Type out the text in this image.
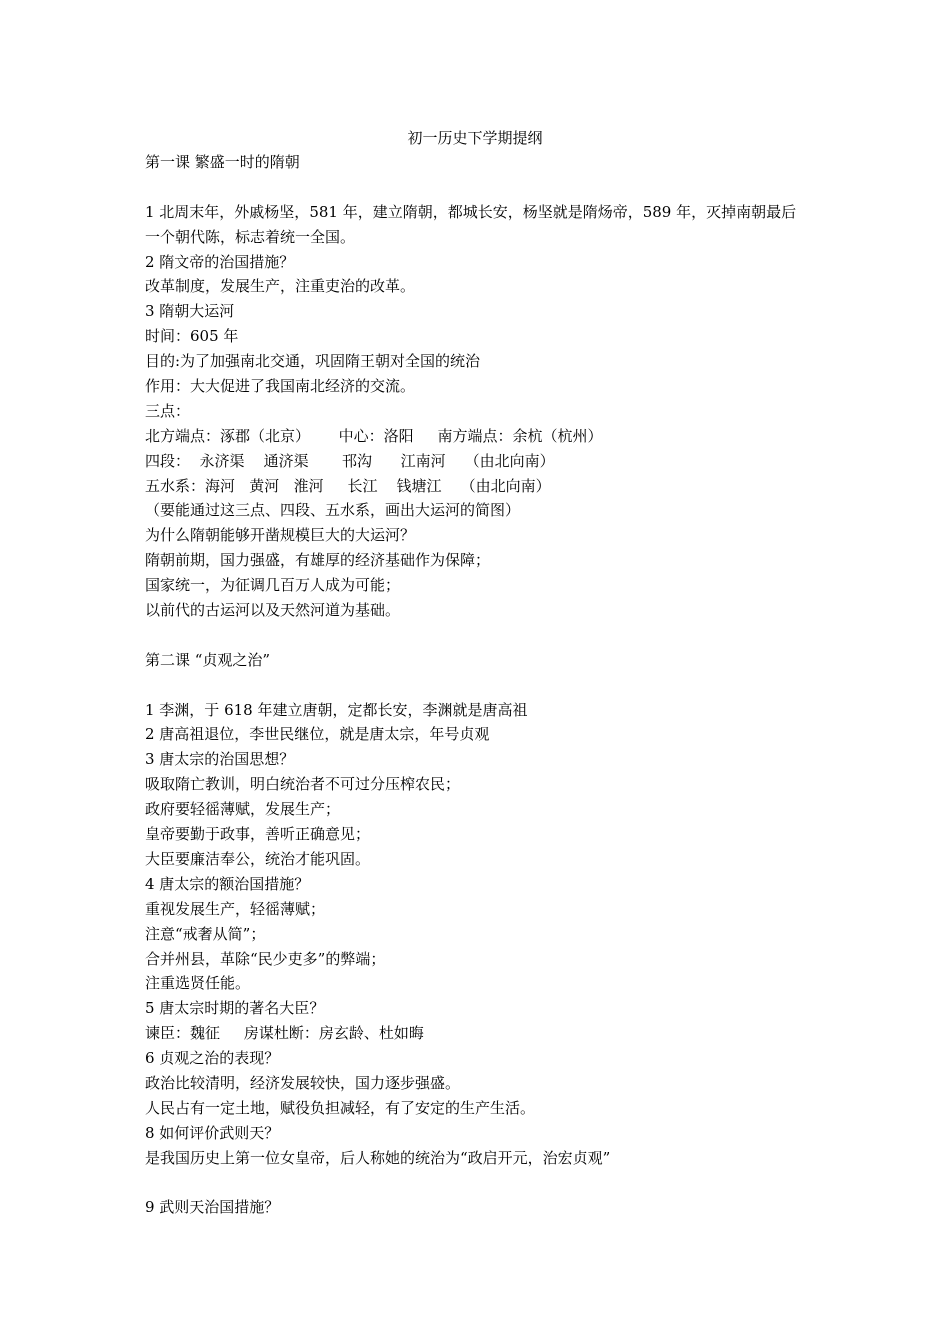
初一历史下学期提纲
第一课 繁盛一时的隋朝
1 北周末年，外戚杨坚，581 年，建立隋朝，都城长安，杨坚就是隋炀帝，589 年，灭掉南朝最后
一个朝代陈，标志着统一全国。
2 隋文帝的治国措施？
改革制度，发展生产，注重吏治的改革。
3 隋朝大运河
时间：605 年
目的:为了加强南北交通，巩固隋王朝对全国的统治
作用：大大促进了我国南北经济的交流。
三点：
北方端点：涿郡（北京）      中心：洛阳     南方端点：余杭（杭州）
四段：  永济渠    通济渠       邗沟      江南河    （由北向南）
五水系：海河   黄河   淮河     长江    钱塘江    （由北向南）
（要能通过这三点、四段、五水系，画出大运河的简图）
为什么隋朝能够开凿规模巨大的大运河？
隋朝前期，国力强盛，有雄厚的经济基础作为保障；
国家统一，为征调几百万人成为可能；
以前代的古运河以及天然河道为基础。
第二课 “贞观之治”
1 李渊，于 618 年建立唐朝，定都长安，李渊就是唐高祖
2 唐高祖退位，李世民继位，就是唐太宗，年号贞观
3 唐太宗的治国思想？
吸取隋亡教训，明白统治者不可过分压榨农民；
政府要轻徭薄赋，发展生产；
皇帝要勤于政事，善听正确意见；
大臣要廉洁奉公，统治才能巩固。
4 唐太宗的额治国措施？
重视发展生产，轻徭薄赋；
注意“戒奢从简”；
合并州县，革除“民少吏多”的弊端；
注重选贤任能。
5 唐太宗时期的著名大臣？
谏臣：魏征     房谋杜断：房玄龄、杜如晦
6 贞观之治的表现？
政治比较清明，经济发展较快，国力逐步强盛。
人民占有一定土地，赋役负担减轻，有了安定的生产生活。
8 如何评价武则天？
是我国历史上第一位女皇帝，后人称她的统治为“政启开元，治宏贞观”
9 武则天治国措施？
